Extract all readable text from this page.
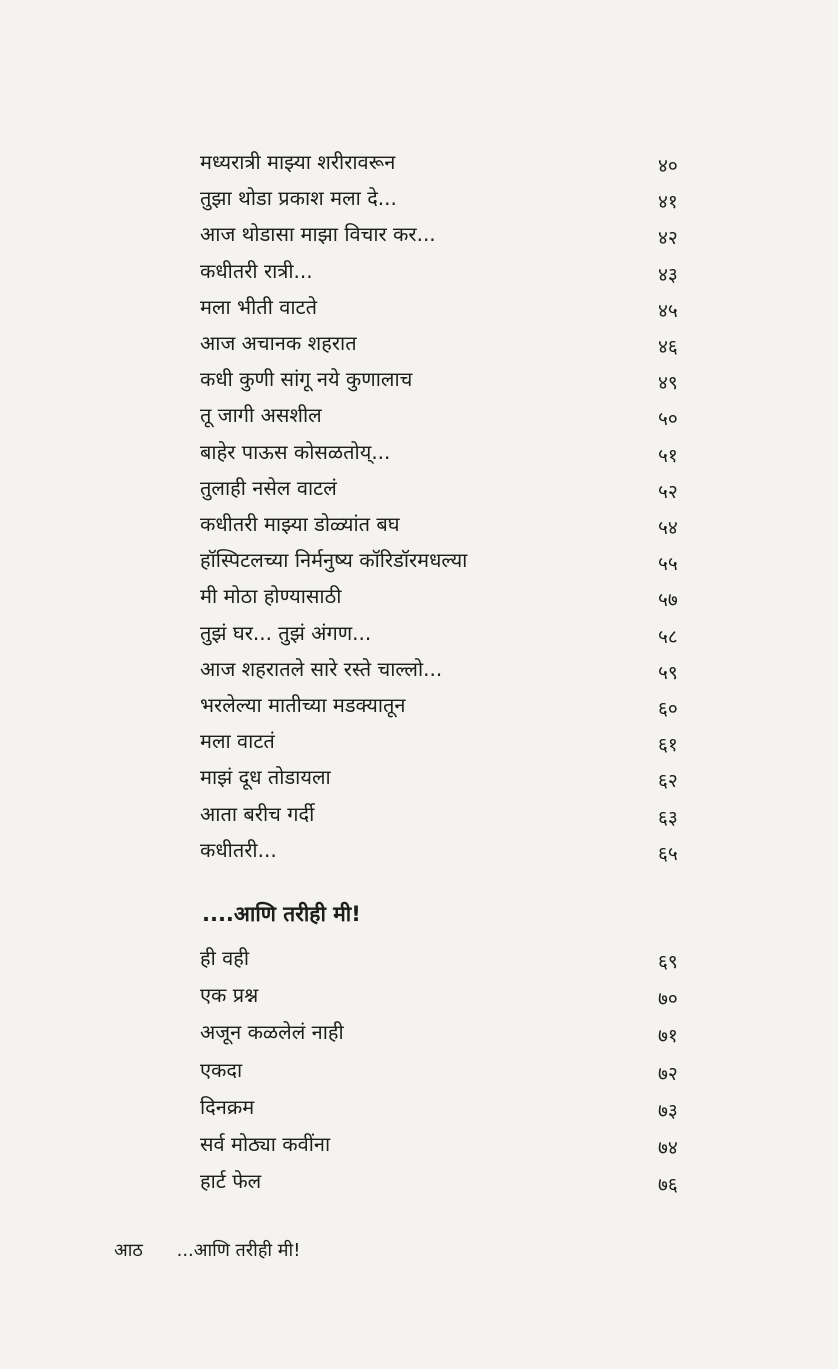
मध्यरात्री माझ्या शरीरावरून	४०
तुझा थोडा प्रकाश मला दे...	४१
आज थोडासा माझा विचार कर...	४२
कधीतरी रात्री...	४३
मला भीती वाटते	४५
आज अचानक शहरात	४६
कधी कुणी सांगू नये कुणालाच	४९
तू जागी असशील	५०
बाहेर पाऊस कोसळतोय्...	५१
तुलाही नसेल वाटलं	५२
कधीतरी माझ्या डोळ्यांत बघ	५४
हॉस्पिटलच्या निर्मनुष्य कॉरिडॉरमधल्या	५५
मी मोठा होण्यासाठी	५७
तुझं घर... तुझं अंगण...	५८
आज शहरातले सारे रस्ते चाल्लो...	५९
भरलेल्या मातीच्या मडक्यातून	६०
मला वाटतं	६१
माझं दूध तोडायला	६२
आता बरीच गर्दी	६३
कधीतरी...	६५
....आणि तरीही मी!
ही वही	६९
एक प्रश्न	७०
अजून कळलेलं नाही	७१
एकदा	७२
दिनक्रम	७३
सर्व मोठ्या कवींना	७४
हार्ट फेल	७६
आठ ...आणि तरीही मी!
